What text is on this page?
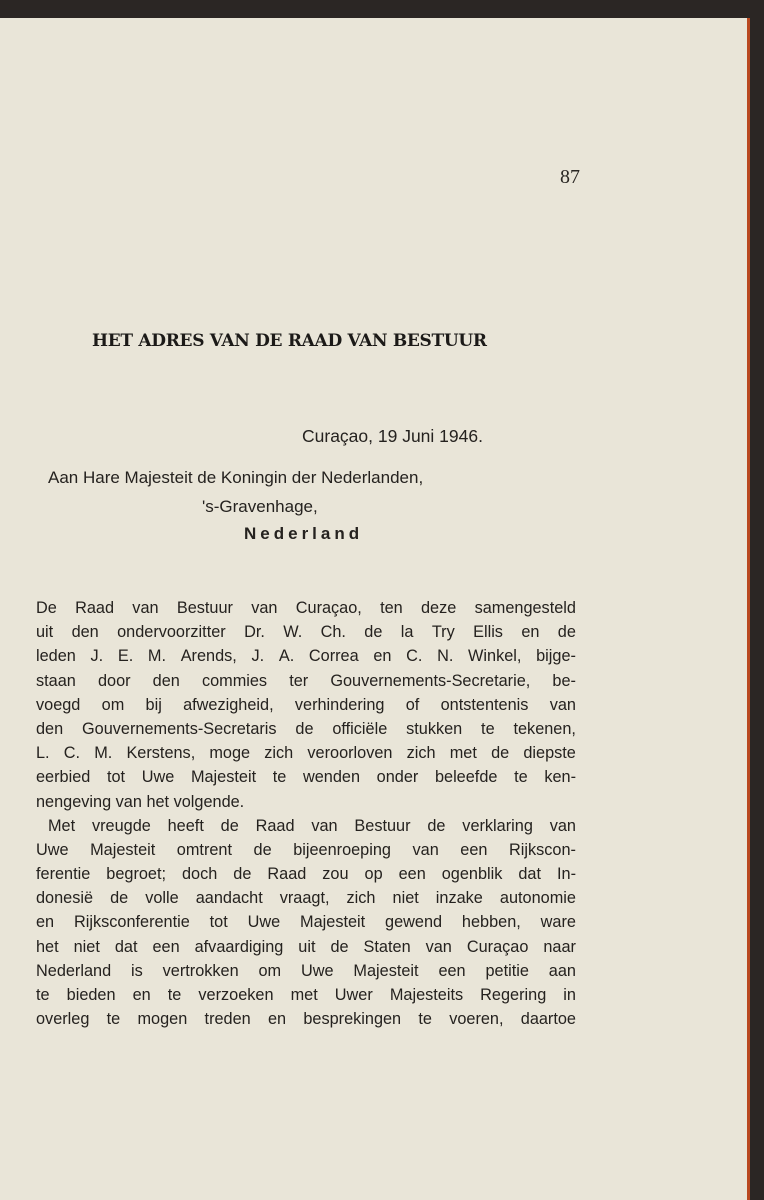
87
HET ADRES VAN DE RAAD VAN BESTUUR
Curaçao, 19 Juni 1946.
Aan Hare Majesteit de Koningin der Nederlanden,
's-Gravenhage,
Nederland
De Raad van Bestuur van Curaçao, ten deze samengesteld
uit den ondervoorzitter Dr. W. Ch. de la Try Ellis en de
leden J. E. M. Arends, J. A. Correa en C. N. Winkel, bijge-
staan door den commies ter Gouvernements-Secretarie, be-
voegd om bij afwezigheid, verhindering of ontstentenis van
den Gouvernements-Secretaris de officiële stukken te tekenen,
L. C. M. Kerstens, moge zich veroorloven zich met de diepste
eerbied tot Uwe Majesteit te wenden onder beleefde te ken-
nengeving van het volgende.
Met vreugde heeft de Raad van Bestuur de verklaring van
Uwe Majesteit omtrent de bijeenroeping van een Rijkscon-
ferentie begroet; doch de Raad zou op een ogenblik dat In-
donesië de volle aandacht vraagt, zich niet inzake autonomie
en Rijksconferentie tot Uwe Majesteit gewend hebben, ware
het niet dat een afvaardiging uit de Staten van Curaçao naar
Nederland is vertrokken om Uwe Majesteit een petitie aan
te bieden en te verzoeken met Uwer Majesteits Regering in
overleg te mogen treden en besprekingen te voeren, daartoe
